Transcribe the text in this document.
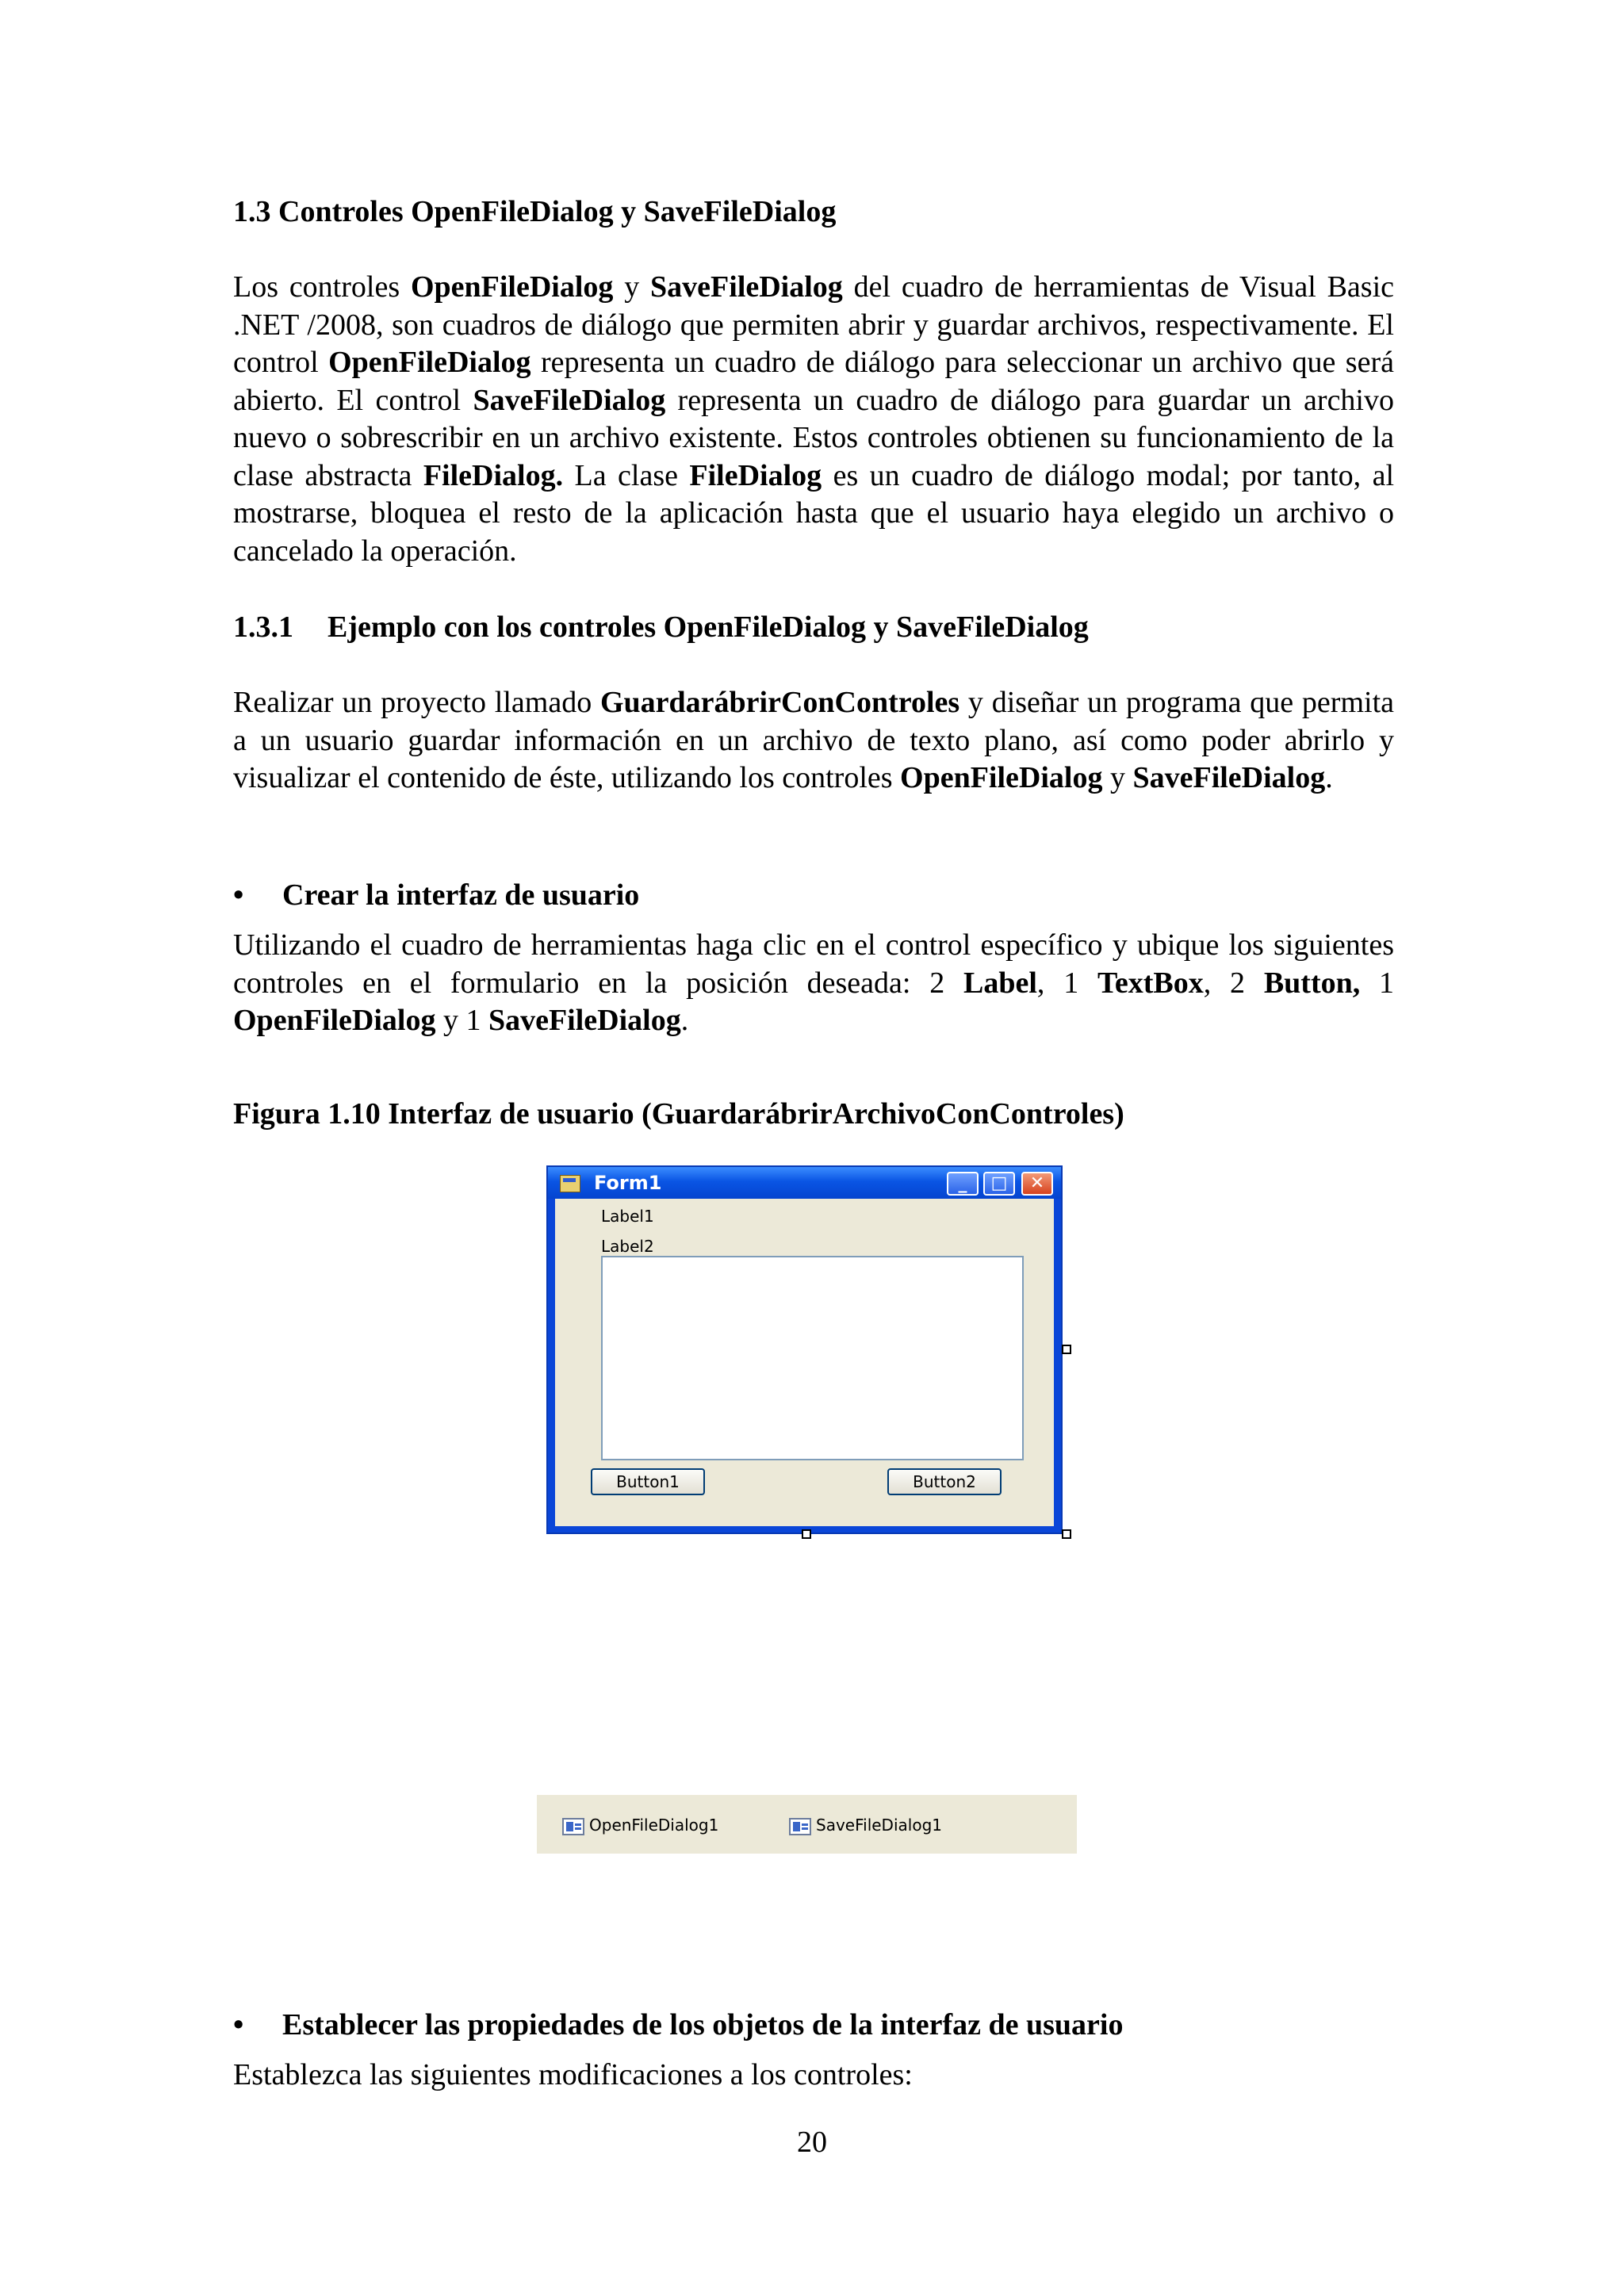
1.3 Controles OpenFileDialog y SaveFileDialog
Los controles OpenFileDialog y SaveFileDialog del cuadro de herramientas de Visual Basic .NET /2008, son cuadros de diálogo que permiten abrir y guardar archivos, respectivamente. El control OpenFileDialog representa un cuadro de diálogo para seleccionar un archivo que será abierto. El control SaveFileDialog representa un cuadro de diálogo para guardar un archivo nuevo o sobrescribir en un archivo existente. Estos controles obtienen su funcionamiento de la clase abstracta FileDialog. La clase FileDialog es un cuadro de diálogo modal; por tanto, al mostrarse, bloquea el resto de la aplicación hasta que el usuario haya elegido un archivo o cancelado la operación.
1.3.1 Ejemplo con los controles OpenFileDialog y SaveFileDialog
Realizar un proyecto llamado GuardarábrirConControles y diseñar un programa que permita a un usuario guardar información en un archivo de texto plano, así como poder abrirlo y visualizar el contenido de éste, utilizando los controles OpenFileDialog y SaveFileDialog.
•	Crear la interfaz de usuario
Utilizando el cuadro de herramientas haga clic en el control específico y ubique los siguientes controles en el formulario en la posición deseada: 2 Label, 1 TextBox, 2 Button, 1 OpenFileDialog y 1 SaveFileDialog.
Figura 1.10 Interfaz de usuario (GuardarábrirArchivoConControles)
Form1	_	□	✕
Label1
Label2
Button1	Button2
OpenFileDialog1	SaveFileDialog1
•	Establecer las propiedades de los objetos de la interfaz de usuario
Establezca las siguientes modificaciones a los controles:
20
